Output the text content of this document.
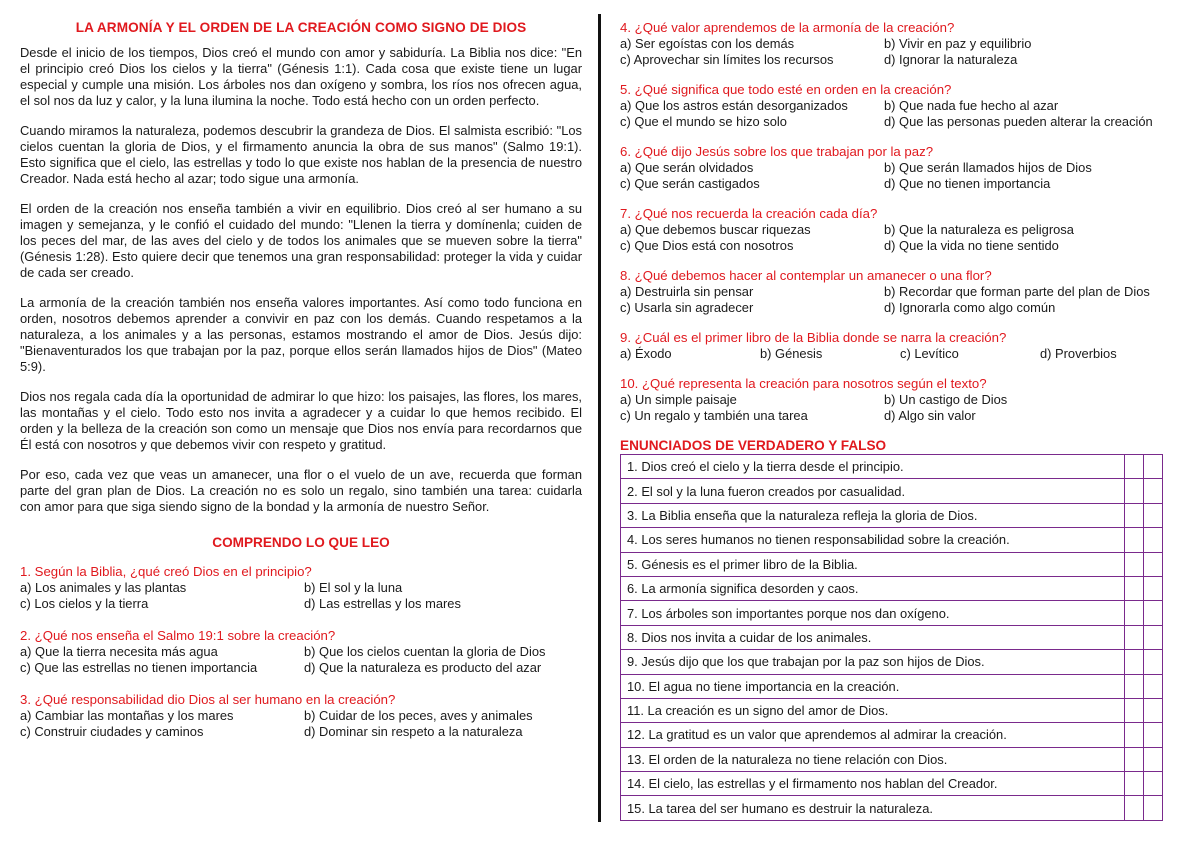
LA ARMONÍA Y EL ORDEN DE LA CREACIÓN COMO SIGNO DE DIOS

Desde el inicio de los tiempos, Dios creó el mundo con amor y sabiduría. La Biblia nos dice: "En el principio creó Dios los cielos y la tierra" (Génesis 1:1). Cada cosa que existe tiene un lugar especial y cumple una misión. Los árboles nos dan oxígeno y sombra, los ríos nos ofrecen agua, el sol nos da luz y calor, y la luna ilumina la noche. Todo está hecho con un orden perfecto.

Cuando miramos la naturaleza, podemos descubrir la grandeza de Dios. El salmista escribió: "Los cielos cuentan la gloria de Dios, y el firmamento anuncia la obra de sus manos" (Salmo 19:1). Esto significa que el cielo, las estrellas y todo lo que existe nos hablan de la presencia de nuestro Creador. Nada está hecho al azar; todo sigue una armonía.

El orden de la creación nos enseña también a vivir en equilibrio. Dios creó al ser humano a su imagen y semejanza, y le confió el cuidado del mundo: "Llenen la tierra y domínenla; cuiden de los peces del mar, de las aves del cielo y de todos los animales que se mueven sobre la tierra" (Génesis 1:28). Esto quiere decir que tenemos una gran responsabilidad: proteger la vida y cuidar de cada ser creado.

La armonía de la creación también nos enseña valores importantes. Así como todo funciona en orden, nosotros debemos aprender a convivir en paz con los demás. Cuando respetamos a la naturaleza, a los animales y a las personas, estamos mostrando el amor de Dios. Jesús dijo: "Bienaventurados los que trabajan por la paz, porque ellos serán llamados hijos de Dios" (Mateo 5:9).

Dios nos regala cada día la oportunidad de admirar lo que hizo: los paisajes, las flores, los mares, las montañas y el cielo. Todo esto nos invita a agradecer y a cuidar lo que hemos recibido. El orden y la belleza de la creación son como un mensaje que Dios nos envía para recordarnos que Él está con nosotros y que debemos vivir con respeto y gratitud.

Por eso, cada vez que veas un amanecer, una flor o el vuelo de un ave, recuerda que forman parte del gran plan de Dios. La creación no es solo un regalo, sino también una tarea: cuidarla con amor para que siga siendo signo de la bondad y la armonía de nuestro Señor.

COMPRENDO LO QUE LEO
1. Según la Biblia, ¿qué creó Dios en el principio?
a) Los animales y las plantas	b) El sol y la luna
c) Los cielos y la tierra	d) Las estrellas y los mares
2. ¿Qué nos enseña el Salmo 19:1 sobre la creación?
a) Que la tierra necesita más agua	b) Que los cielos cuentan la gloria de Dios
c) Que las estrellas no tienen importancia	d) Que la naturaleza es producto del azar
3. ¿Qué responsabilidad dio Dios al ser humano en la creación?
a) Cambiar las montañas y los mares	b) Cuidar de los peces, aves y animales
c) Construir ciudades y caminos	d) Dominar sin respeto a la naturaleza
4. ¿Qué valor aprendemos de la armonía de la creación?
a) Ser egoístas con los demás	b) Vivir en paz y equilibrio
c) Aprovechar sin límites los recursos	d) Ignorar la naturaleza
5. ¿Qué significa que todo esté en orden en la creación?
a) Que los astros están desorganizados	b) Que nada fue hecho al azar
c) Que el mundo se hizo solo	d) Que las personas pueden alterar la creación
6. ¿Qué dijo Jesús sobre los que trabajan por la paz?
a) Que serán olvidados	b) Que serán llamados hijos de Dios
c) Que serán castigados	d) Que no tienen importancia
7. ¿Qué nos recuerda la creación cada día?
a) Que debemos buscar riquezas	b) Que la naturaleza es peligrosa
c) Que Dios está con nosotros	d) Que la vida no tiene sentido
8. ¿Qué debemos hacer al contemplar un amanecer o una flor?
a) Destruirla sin pensar	b) Recordar que forman parte del plan de Dios
c) Usarla sin agradecer	d) Ignorarla como algo común
9. ¿Cuál es el primer libro de la Biblia donde se narra la creación?
a) Éxodo	b) Génesis	c) Levítico	d) Proverbios
10. ¿Qué representa la creación para nosotros según el texto?
a) Un simple paisaje	b) Un castigo de Dios
c) Un regalo y también una tarea	d) Algo sin valor
ENUNCIADOS DE VERDADERO Y FALSO
1. Dios creó el cielo y la tierra desde el principio.		
2. El sol y la luna fueron creados por casualidad.		
3. La Biblia enseña que la naturaleza refleja la gloria de Dios.		
4. Los seres humanos no tienen responsabilidad sobre la creación.		
5. Génesis es el primer libro de la Biblia.		
6. La armonía significa desorden y caos.		
7. Los árboles son importantes porque nos dan oxígeno.		
8. Dios nos invita a cuidar de los animales.		
9. Jesús dijo que los que trabajan por la paz son hijos de Dios.		
10. El agua no tiene importancia en la creación.		
11. La creación es un signo del amor de Dios.		
12. La gratitud es un valor que aprendemos al admirar la creación.		
13. El orden de la naturaleza no tiene relación con Dios.		
14. El cielo, las estrellas y el firmamento nos hablan del Creador.		
15. La tarea del ser humano es destruir la naturaleza.		
